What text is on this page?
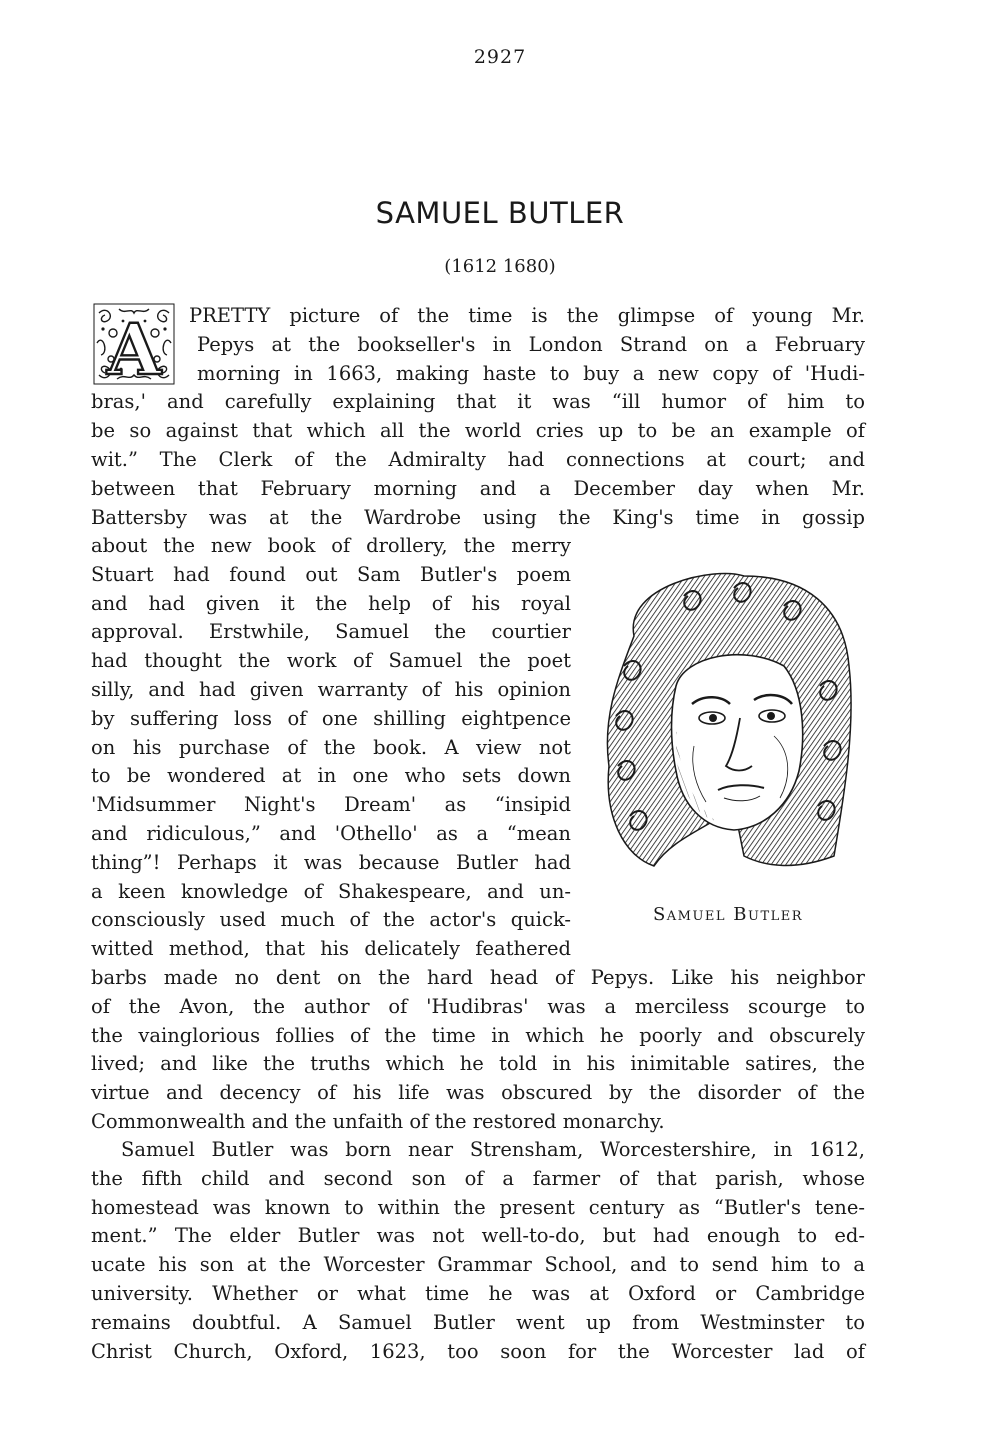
2927
SAMUEL BUTLER
(1612 1680)
A	PRETTY picture of the time is the glimpse of young Mr.
Pepys at the bookseller's in London Strand on a February
morning in 1663, making haste to buy a new copy of 'Hudi-
bras,' and carefully explaining that it was “ill humor of him to
be so against that which all the world cries up to be an example of
wit.” The Clerk of the Admiralty had connections at court; and
between that February morning and a December day when Mr.
Battersby was at the Wardrobe using the King's time in gossip
about the new book of drollery, the merry
Stuart had found out Sam Butler's poem
and had given it the help of his royal
approval. Erstwhile, Samuel the courtier
had thought the work of Samuel the poet
silly, and had given warranty of his opinion
by suffering loss of one shilling eightpence
on his purchase of the book. A view not
to be wondered at in one who sets down
'Midsummer Night's Dream' as “insipid
and ridiculous,” and 'Othello' as a “mean
thing”! Perhaps it was because Butler had
a keen knowledge of Shakespeare, and un-
consciously used much of the actor's quick-
witted method, that his delicately feathered
Samuel Butler
barbs made no dent on the hard head of Pepys. Like his neighbor
of the Avon, the author of 'Hudibras' was a merciless scourge to
the vainglorious follies of the time in which he poorly and obscurely
lived; and like the truths which he told in his inimitable satires, the
virtue and decency of his life was obscured by the disorder of the
Commonwealth and the unfaith of the restored monarchy.
Samuel Butler was born near Strensham, Worcestershire, in 1612,
the fifth child and second son of a farmer of that parish, whose
homestead was known to within the present century as “Butler's tene-
ment.” The elder Butler was not well-to-do, but had enough to ed-
ucate his son at the Worcester Grammar School, and to send him to a
university. Whether or what time he was at Oxford or Cambridge
remains doubtful. A Samuel Butler went up from Westminster to
Christ Church, Oxford, 1623, too soon for the Worcester lad of
